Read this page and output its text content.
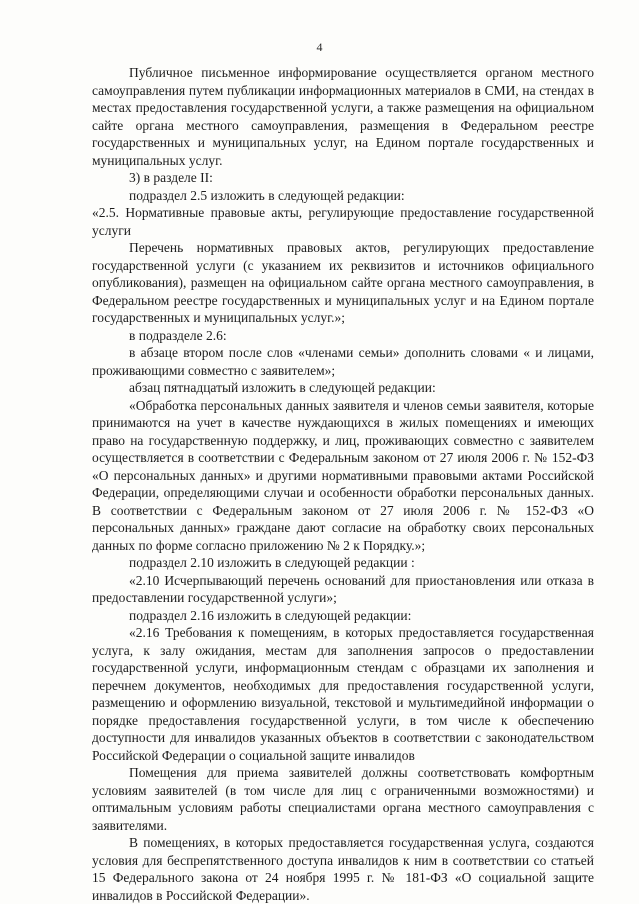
4

Публичное письменное информирование осуществляется органом местного самоуправления путем публикации информационных материалов в СМИ, на стендах в местах предоставления государственной услуги, а также размещения на официальном сайте органа местного самоуправления, размещения в Федеральном реестре государственных и муниципальных услуг, на Едином портале государственных и муниципальных услуг.

3) в разделе II:

подраздел 2.5 изложить в следующей редакции:

«2.5. Нормативные правовые акты, регулирующие предоставление государственной услуги

Перечень нормативных правовых актов, регулирующих предоставление государственной услуги (с указанием их реквизитов и источников официального опубликования), размещен на официальном сайте органа местного самоуправления, в Федеральном реестре государственных и муниципальных услуг и на Едином портале государственных и муниципальных услуг.»;

в подразделе 2.6:

в абзаце втором после слов «членами семьи» дополнить словами « и лицами, проживающими совместно с заявителем»;

абзац пятнадцатый изложить в следующей редакции:

«Обработка персональных данных заявителя и членов семьи заявителя, которые принимаются на учет в качестве нуждающихся в жилых помещениях и имеющих право на государственную поддержку, и лиц, проживающих совместно с заявителем осуществляется в соответствии с Федеральным законом от 27 июля 2006 г. № 152-ФЗ «О персональных данных» и другими нормативными правовыми актами Российской Федерации, определяющими случаи и особенности обработки персональных данных. В соответствии с Федеральным законом от 27 июля 2006 г. № 152-ФЗ «О персональных данных» граждане дают согласие на обработку своих персональных данных по форме согласно приложению № 2 к Порядку.»;

подраздел 2.10 изложить в следующей редакции :

«2.10 Исчерпывающий перечень оснований для приостановления или отказа в предоставлении государственной услуги»;

подраздел 2.16 изложить в следующей редакции:

«2.16 Требования к помещениям, в которых предоставляется государственная услуга, к залу ожидания, местам для заполнения запросов о предоставлении государственной услуги, информационным стендам с образцами их заполнения и перечнем документов, необходимых для предоставления государственной услуги, размещению и оформлению визуальной, текстовой и мультимедийной информации о порядке предоставления государственной услуги, в том числе к обеспечению доступности для инвалидов указанных объектов в соответствии с законодательством Российской Федерации о социальной защите инвалидов

Помещения для приема заявителей должны соответствовать комфортным условиям заявителей (в том числе для лиц с ограниченными возможностями) и оптимальным условиям работы специалистами органа местного самоуправления с заявителями.

В помещениях, в которых предоставляется государственная услуга, создаются условия для беспрепятственного доступа инвалидов к ним в соответствии со статьей 15 Федерального закона от 24 ноября 1995 г. № 181-ФЗ «О социальной защите инвалидов в Российской Федерации».
